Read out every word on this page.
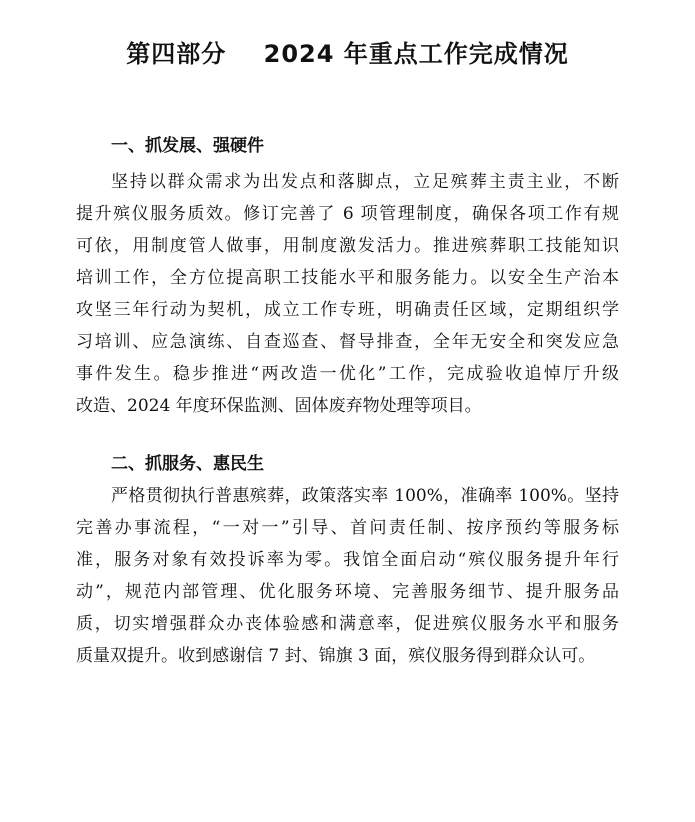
第四部分    2024 年重点工作完成情况
一、抓发展、强硬件
坚持以群众需求为出发点和落脚点，立足殡葬主责主业，不断
提升殡仪服务质效。修订完善了 6 项管理制度，确保各项工作有规
可依，用制度管人做事，用制度激发活力。推进殡葬职工技能知识
培训工作，全方位提高职工技能水平和服务能力。以安全生产治本
攻坚三年行动为契机，成立工作专班，明确责任区域，定期组织学
习培训、应急演练、自查巡查、督导排查，全年无安全和突发应急
事件发生。稳步推进“两改造一优化”工作，完成验收追悼厅升级
改造、2024 年度环保监测、固体废弃物处理等项目。
二、抓服务、惠民生
严格贯彻执行普惠殡葬，政策落实率 100%，准确率 100%。坚持
完善办事流程，“一对一”引导、首问责任制、按序预约等服务标
准，服务对象有效投诉率为零。我馆全面启动“殡仪服务提升年行
动”，规范内部管理、优化服务环境、完善服务细节、提升服务品
质，切实增强群众办丧体验感和满意率，促进殡仪服务水平和服务
质量双提升。收到感谢信 7 封、锦旗 3 面，殡仪服务得到群众认可。
